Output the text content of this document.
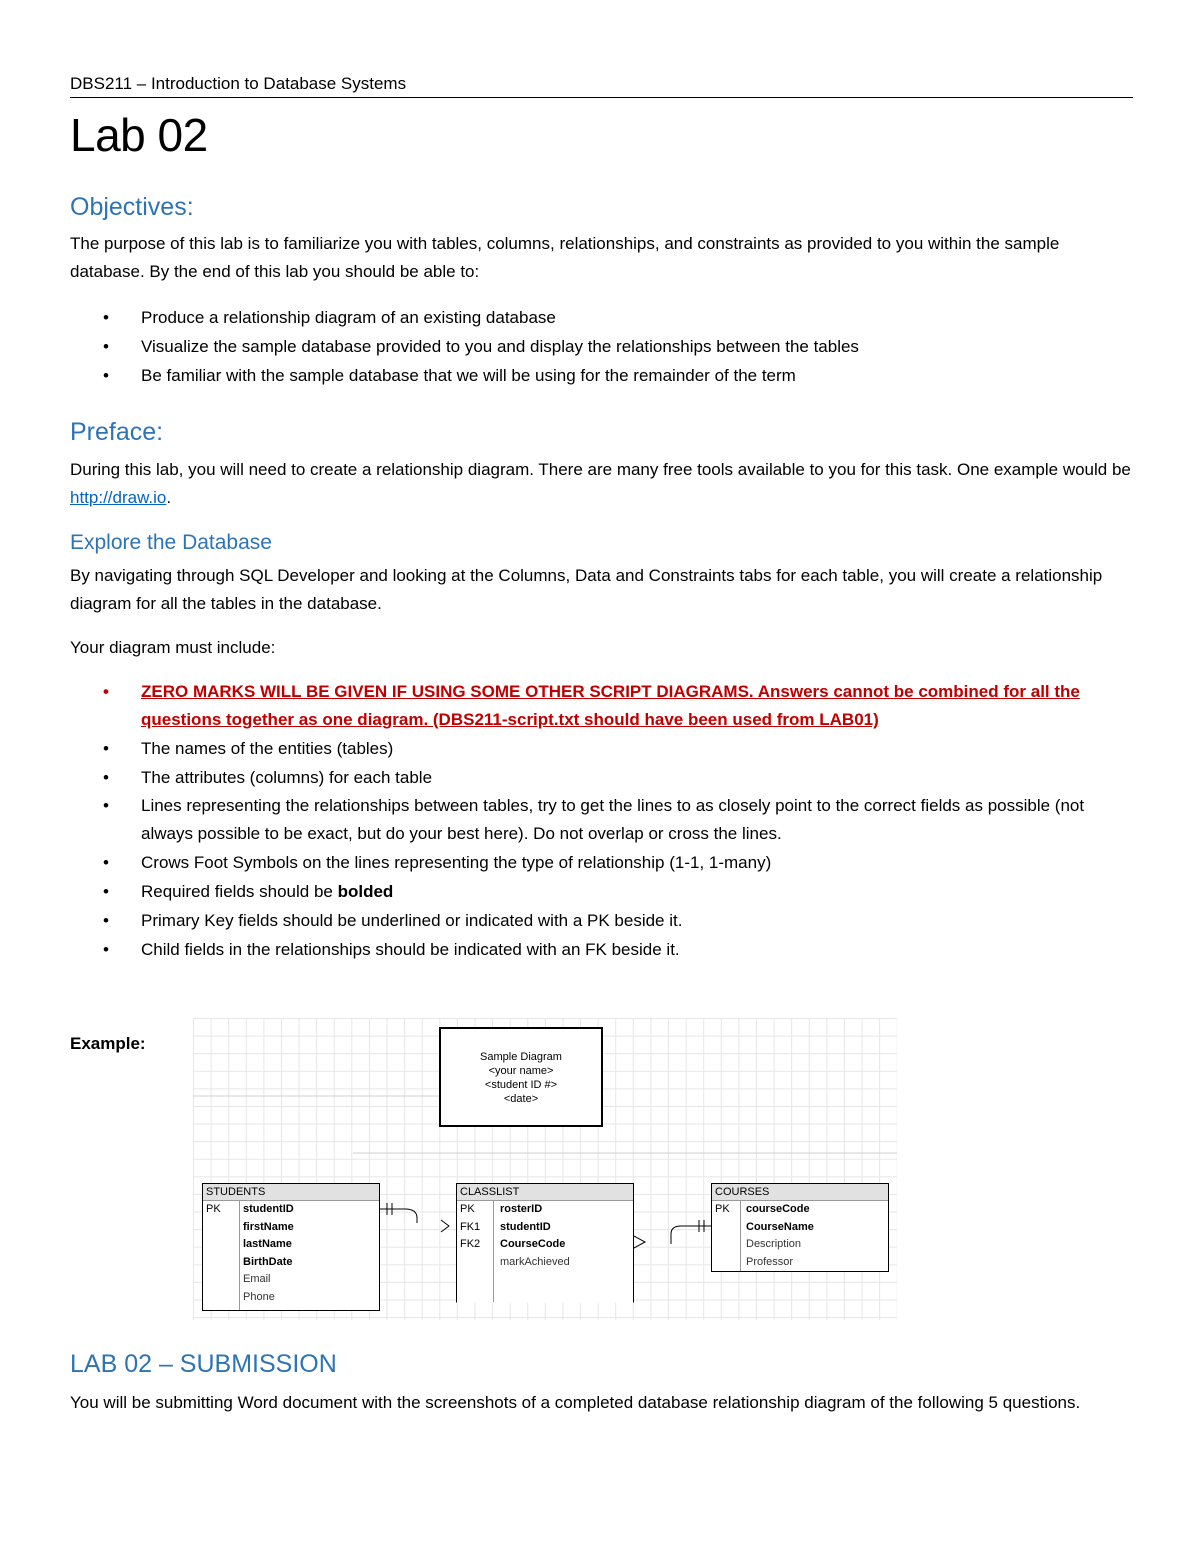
DBS211 – Introduction to Database Systems
Lab 02
Objectives:
The purpose of this lab is to familiarize you with tables, columns, relationships, and constraints as provided to you within the sample database. By the end of this lab you should be able to:
• Produce a relationship diagram of an existing database
• Visualize the sample database provided to you and display the relationships between the tables
• Be familiar with the sample database that we will be using for the remainder of the term
Preface:
During this lab, you will need to create a relationship diagram. There are many free tools available to you for this task. One example would be http://draw.io.
Explore the Database
By navigating through SQL Developer and looking at the Columns, Data and Constraints tabs for each table, you will create a relationship diagram for all the tables in the database.
Your diagram must include:
• ZERO MARKS WILL BE GIVEN IF USING SOME OTHER SCRIPT DIAGRAMS. Answers cannot be combined for all the questions together as one diagram. (DBS211-script.txt should have been used from LAB01)
• The names of the entities (tables)
• The attributes (columns) for each table
• Lines representing the relationships between tables, try to get the lines to as closely point to the correct fields as possible (not always possible to be exact, but do your best here). Do not overlap or cross the lines.
• Crows Foot Symbols on the lines representing the type of relationship (1-1, 1-many)
• Required fields should be bolded
• Primary Key fields should be underlined or indicated with a PK beside it.
• Child fields in the relationships should be indicated with an FK beside it.
Example:
LAB 02 – SUBMISSION
You will be submitting Word document with the screenshots of a completed database relationship diagram of the following 5 questions.
Sample Diagram
<your name>
<student ID #>
<date>
STUDENTS
PK studentID
firstName
lastName
BirthDate
Email
Phone
CLASSLIST
PK rosterID
FK1 studentID
FK2 CourseCode
markAchieved
COURSES
PK courseCode
CourseName
Description
Professor
